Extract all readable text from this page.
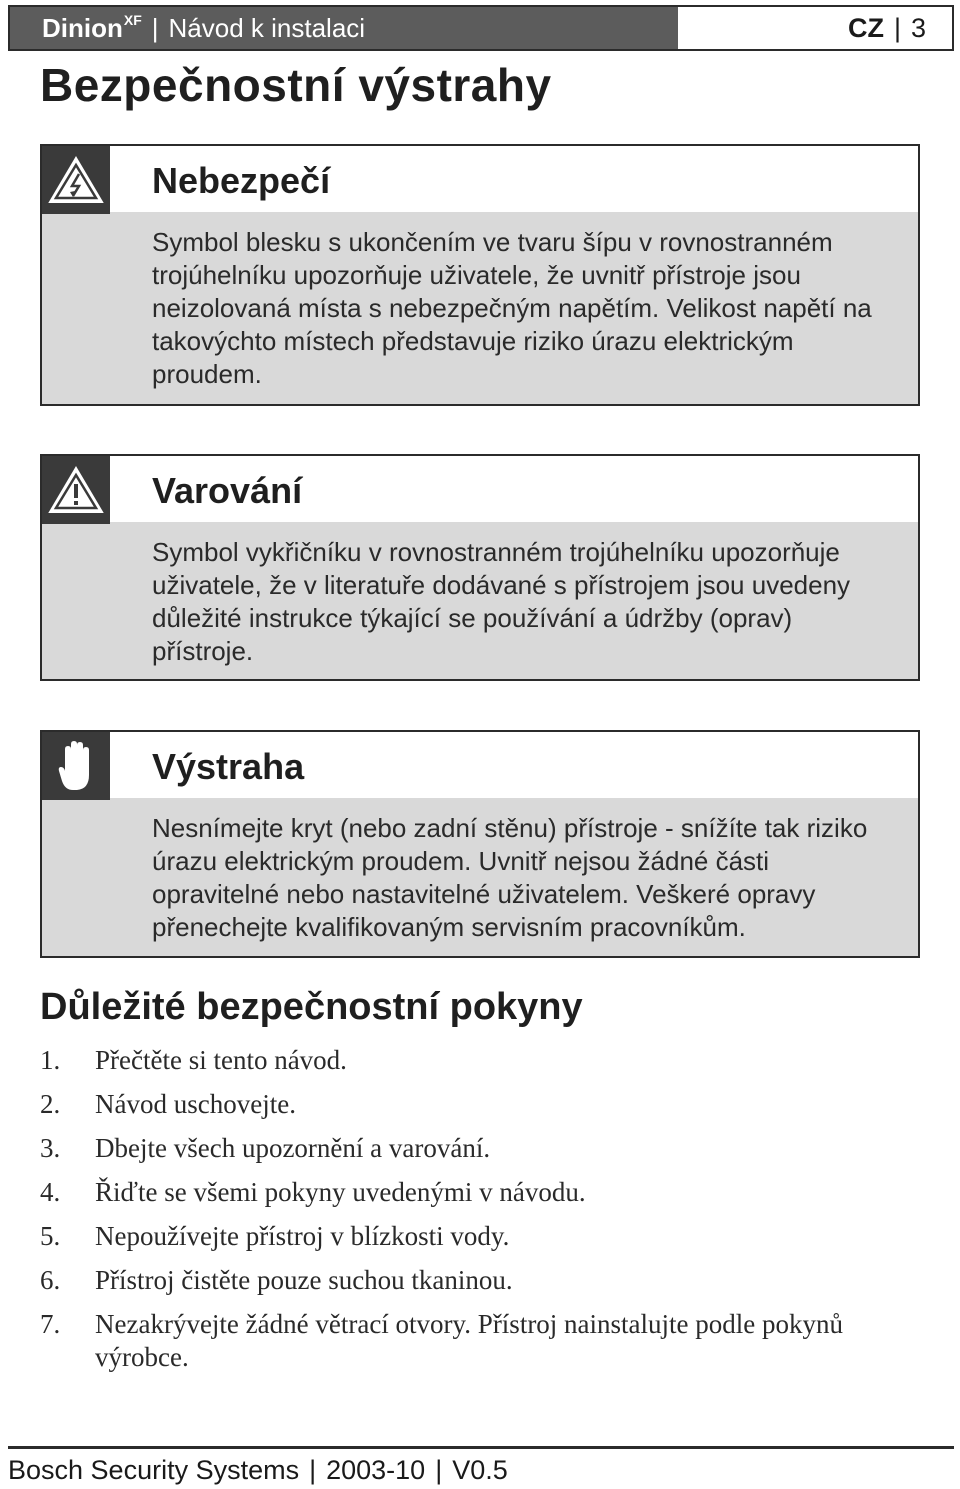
Dinion$^{XF}$ | Návod k instalaci	CZ | 3
Bezpečnostní výstrahy
Nebezpečí

Symbol blesku s ukončením ve tvaru šípu v rovnostranném trojúhelníku upozorňuje uživatele, že uvnitř přístroje jsou neizolovaná místa s nebezpečným napětím. Velikost napětí na takovýchto místech představuje riziko úrazu elektrickým proudem.

Varování

Symbol vykřičníku v rovnostranném trojúhelníku upozorňuje uživatele, že v literatuře dodávané s přístrojem jsou uvedeny důležité instrukce týkající se používání a údržby (oprav) přístroje.

Výstraha

Nesnímejte kryt (nebo zadní stěnu) přístroje - snížíte tak riziko úrazu elektrickým proudem. Uvnitř nejsou žádné části opravitelné nebo nastavitelné uživatelem. Veškeré opravy přenechejte kvalifikovaným servisním pracovníkům.

Důležité bezpečnostní pokyny
1.	Přečtěte si tento návod.
2.	Návod uschovejte.
3.	Dbejte všech upozornění a varování.
4.	Řiďte se všemi pokyny uvedenými v návodu.
5.	Nepoužívejte přístroj v blízkosti vody.
6.	Přístroj čistěte pouze suchou tkaninou.
7.	Nezakrývejte žádné větrací otvory. Přístroj nainstalujte podle pokynů výrobce.
Bosch Security Systems | 2003-10 | V0.5
